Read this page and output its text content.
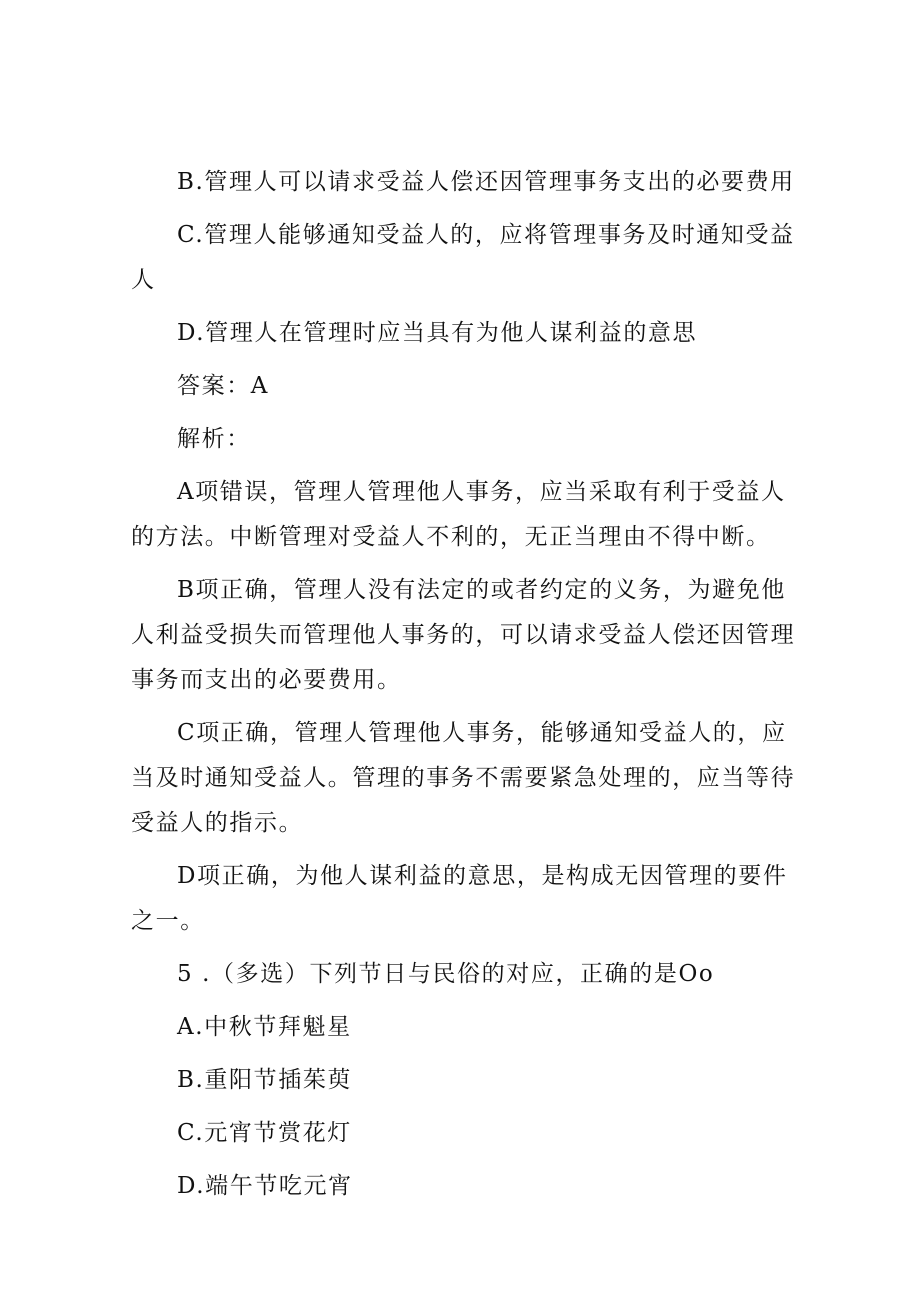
B.管理人可以请求受益人偿还因管理事务支出的必要费用

C.管理人能够通知受益人的，应将管理事务及时通知受益人

D.管理人在管理时应当具有为他人谋利益的意思

答案：A

解析：

A项错误，管理人管理他人事务，应当采取有利于受益人的方法。中断管理对受益人不利的，无正当理由不得中断。

B项正确，管理人没有法定的或者约定的义务，为避免他人利益受损失而管理他人事务的，可以请求受益人偿还因管理事务而支出的必要费用。

C项正确，管理人管理他人事务，能够通知受益人的，应当及时通知受益人。管理的事务不需要紧急处理的，应当等待受益人的指示。

D项正确，为他人谋利益的意思，是构成无因管理的要件之一。

5 .（多选）下列节日与民俗的对应，正确的是Oo

A.中秋节拜魁星

B.重阳节插茱萸

C.元宵节赏花灯

D.端午节吃元宵
